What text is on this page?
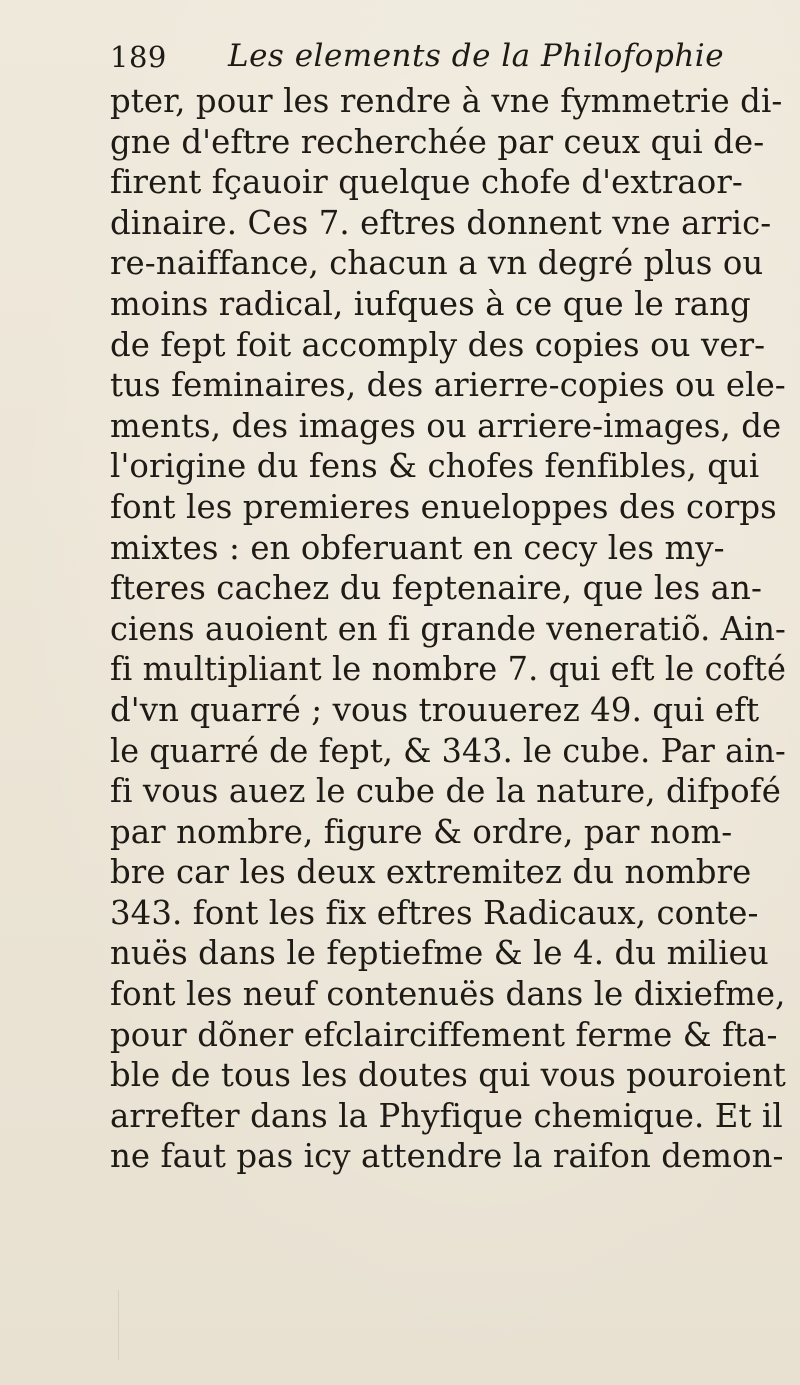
189 Les elements de la Philofophie
pter, pour les rendre à vne fymmetrie di-
gne d'eftre recherchée par ceux qui de-
firent fçauoir quelque chofe d'extraor-
dinaire. Ces 7. eftres donnent vne arric-
re-naiffance, chacun a vn degré plus ou
moins radical, iufques à ce que le rang
de fept foit accomply des copies ou ver-
tus feminaires, des arierre-copies ou ele-
ments, des images ou arriere-images, de
l'origine du fens & chofes fenfibles, qui
font les premieres enueloppes des corps
mixtes : en obferuant en cecy les my-
fteres cachez du feptenaire, que les an-
ciens auoient en fi grande veneratiõ. Ain-
fi multipliant le nombre 7. qui eft le cofté
d'vn quarré ; vous trouuerez 49. qui eft
le quarré de fept, & 343. le cube. Par ain-
fi vous auez le cube de la nature, difpofé
par nombre, figure & ordre, par nom-
bre car les deux extremitez du nombre
343. font les fix eftres Radicaux, conte-
nuës dans le feptiefme & le 4. du milieu
font les neuf contenuës dans le dixiefme,
pour dõner efclairciffement ferme & fta-
ble de tous les doutes qui vous pouroient
arrefter dans la Phyfique chemique. Et il
ne faut pas icy attendre la raifon demon-
